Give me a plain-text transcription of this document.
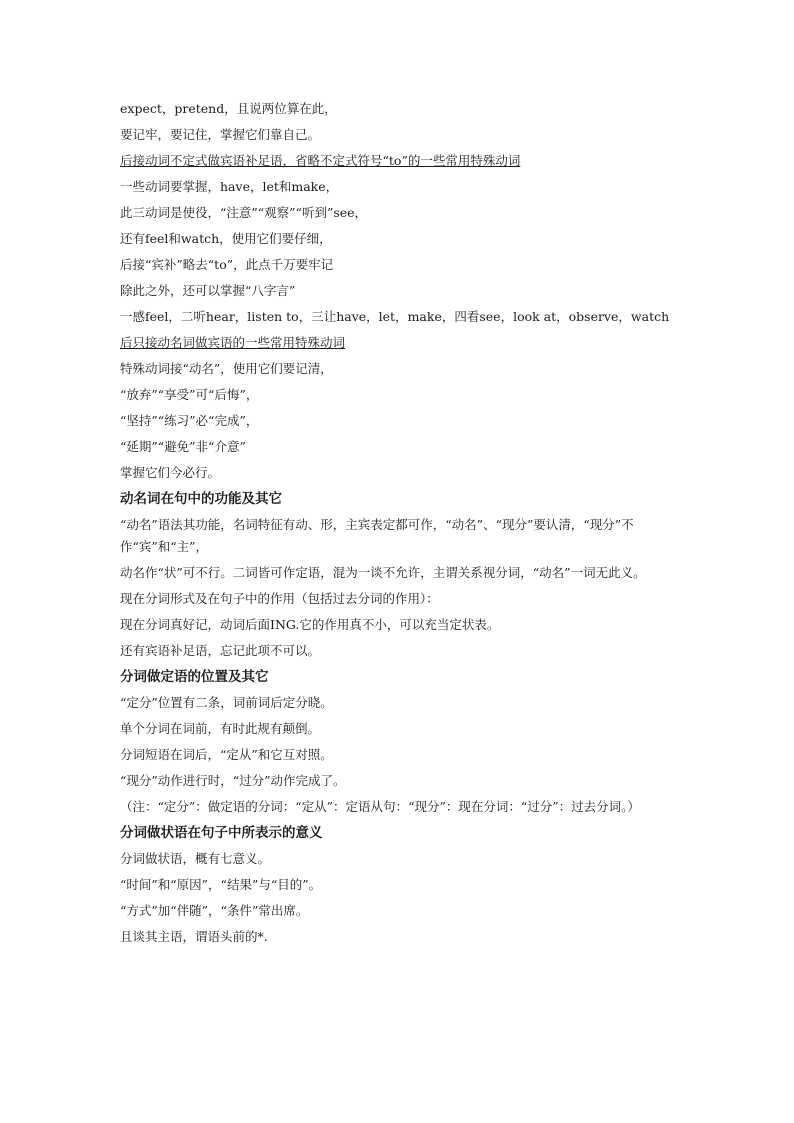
expect，pretend，且说两位算在此，
要记牢，要记住，掌握它们靠自己。
后接动词不定式做宾语补足语，省略不定式符号“to”的一些常用特殊动词
一些动词要掌握，have，let和make，
此三动词是使役，“注意”“观察”“听到”see，
还有feel和watch，使用它们要仔细，
后接“宾补”略去“to”，此点千万要牢记
除此之外，还可以掌握“八字言”
一感feel，二听hear，listen to，三让have，let，make，四看see，look at，observe，watch
后只接动名词做宾语的一些常用特殊动词
特殊动词接“动名”，使用它们要记清，
“放弃”“享受”可“后悔”，
“坚持”“练习”必“完成”，
“延期”“避免”非“介意”
掌握它们今必行。
动名词在句中的功能及其它
“动名”语法其功能，名词特征有动、形，主宾表定都可作，“动名”、“现分”要认清，“现分”不作“宾”和“主”，
动名作“状”可不行。二词皆可作定语，混为一谈不允许，主谓关系视分词，“动名”一词无此义。
现在分词形式及在句子中的作用（包括过去分词的作用）：
现在分词真好记，动词后面ING.它的作用真不小，可以充当定状表。
还有宾语补足语，忘记此项不可以。
分词做定语的位置及其它
“定分”位置有二条，词前词后定分晓。
单个分词在词前，有时此规有颠倒。
分词短语在词后，“定从”和它互对照。
“现分”动作进行时，“过分”动作完成了。
（注：“定分”：做定语的分词：“定从”：定语从句：“现分”：现在分词：“过分”：过去分词。）
分词做状语在句子中所表示的意义
分词做状语，概有七意义。
“时间”和“原因”，“结果”与“目的”。
“方式”加“伴随”，“条件”常出席。
且谈其主语，谓语头前的*.
